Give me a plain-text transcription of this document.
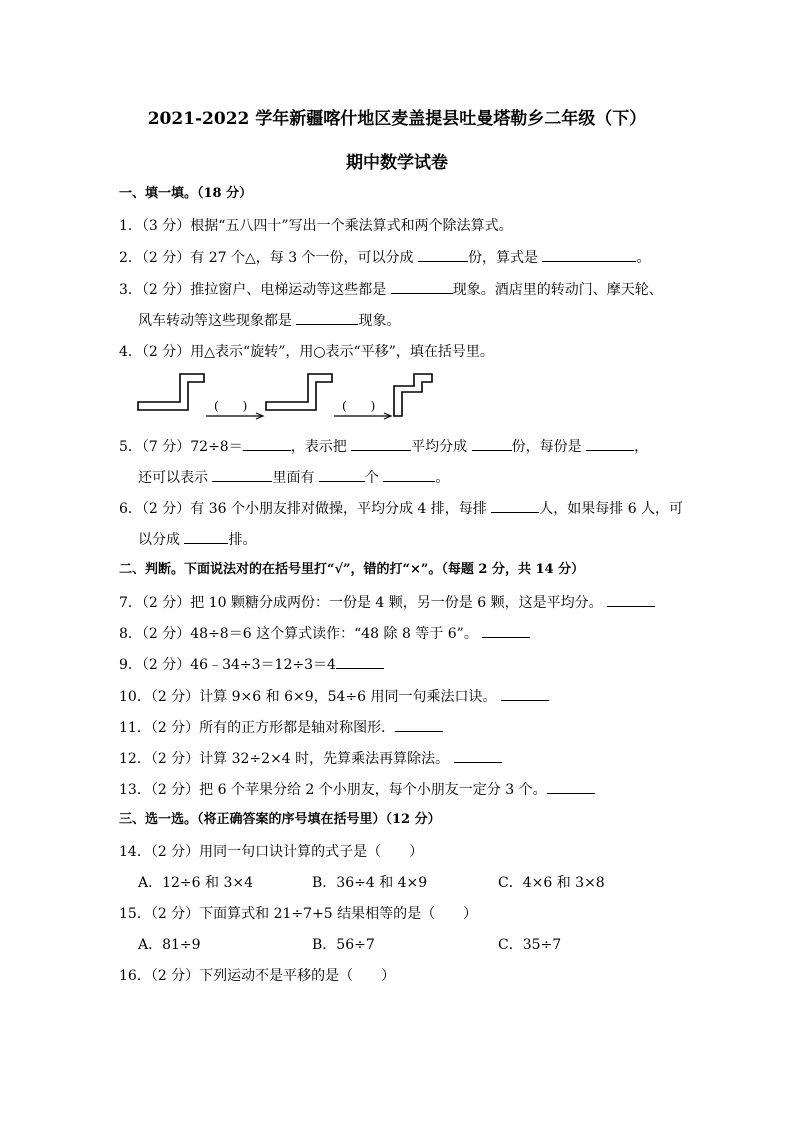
2021-2022 学年新疆喀什地区麦盖提县吐曼塔勒乡二年级（下）
期中数学试卷
一、填一填。（18 分）
1．（3 分）根据“五八四十”写出一个乘法算式和两个除法算式。
2．（2 分）有 27 个△，每 3 个一份，可以分成	份，算式是	。
3．（2 分）推拉窗户、电梯运动等这些都是	现象。酒店里的转动门、摩天轮、
风车转动等这些现象都是	现象。
4．（2 分）用△表示“旋转”，用○表示“平移”，填在括号里。
(　　)	(　　)
5．（7 分）72÷8＝	，表示把	平均分成	份，每份是	，
还可以表示	里面有	个	。
6．（2 分）有 36 个小朋友排对做操，平均分成 4 排，每排	人，如果每排 6 人，可
以分成	排。
二、判断。下面说法对的在括号里打“√”，错的打“×”。（每题 2 分，共 14 分）
7．（2 分）把 10 颗糖分成两份：一份是 4 颗，另一份是 6 颗，这是平均分。
8．（2 分）48÷8＝6 这个算式读作：“48 除 8 等于 6”。
9．（2 分）46﹣34÷3＝12÷3＝4
10．（2 分）计算 9×6 和 6×9，54÷6 用同一句乘法口诀。
11．（2 分）所有的正方形都是轴对称图形．
12．（2 分）计算 32÷2×4 时，先算乘法再算除法。
13．（2 分）把 6 个苹果分给 2 个小朋友，每个小朋友一定分 3 个。
三、选一选。（将正确答案的序号填在括号里）（12 分）
14．（2 分）用同一句口诀计算的式子是（　　）
A．12÷6 和 3×4	B．36÷4 和 4×9	C．4×6 和 3×8
15．（2 分）下面算式和 21÷7+5 结果相等的是（　　）
A．81÷9	B．56÷7	C．35÷7
16．（2 分）下列运动不是平移的是（　　）
